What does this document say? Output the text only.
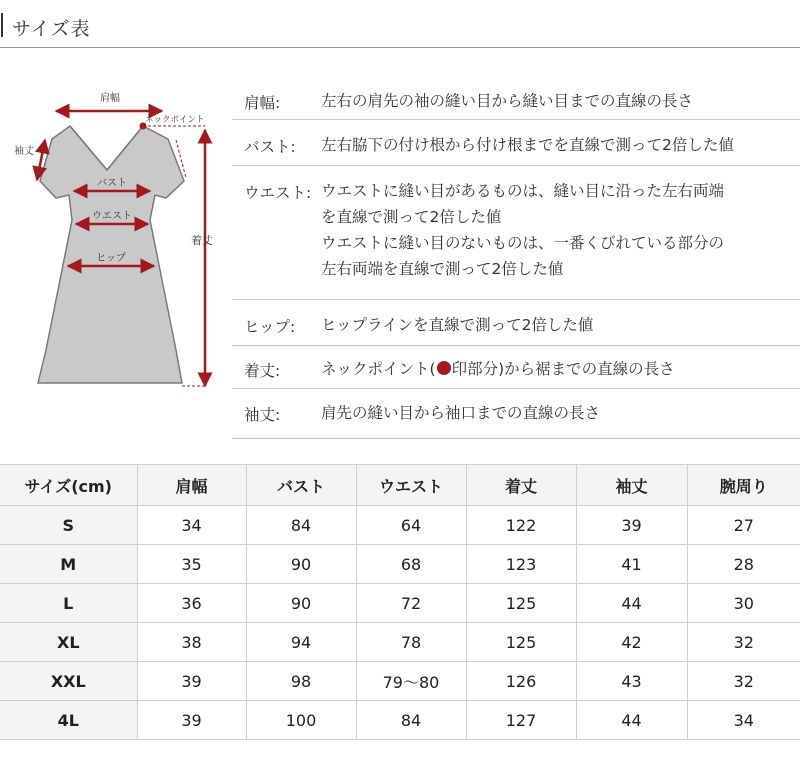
サイズ表
肩幅
ネックポイント
袖丈
バスト
ウエスト
ヒップ
着丈
肩幅:	左右の肩先の袖の縫い目から縫い目までの直線の長さ
バスト: 左右脇下の付け根から付け根までを直線で測って2倍した値
ウエスト: ウエストに縫い目があるものは、縫い目に沿った左右両端
を直線で測って2倍した値
ウエストに縫い目のないものは、一番くびれている部分の
左右両端を直線で測って2倍した値
ヒップ: ヒップラインを直線で測って2倍した値
着丈:	ネックポイント( 印部分)から裾までの直線の長さ
袖丈:	肩先の縫い目から袖口までの直線の長さ
サイズ(cm)	肩幅	バスト	ウエスト	着丈	袖丈	腕周り
S	34	84	64	122	39	27
M	35	90	68	123	41	28
L	36	90	72	125	44	30
XL	38	94	78	125	42	32
XXL	39	98	79～80	126	43	32
4L	39	100	84	127	44	34
